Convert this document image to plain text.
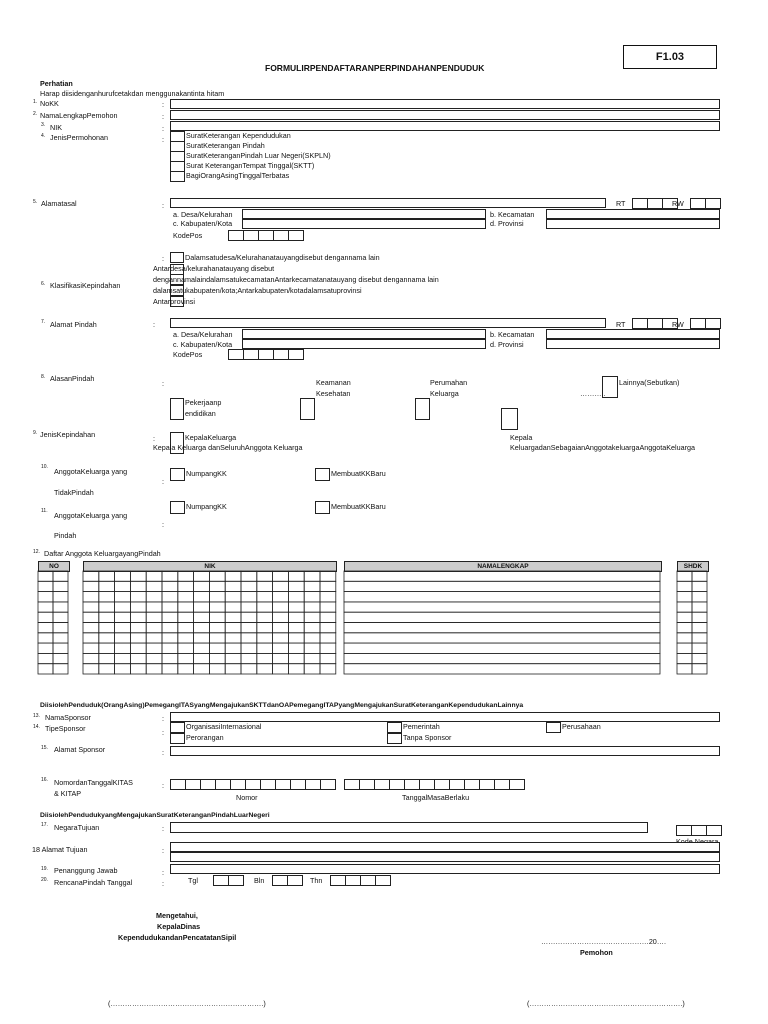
F1.03
FORMULIRPENDAFTARANPERPINDAHANPENDUDUK
Perhatian
Harap diisidenganhurufcetakdan menggunakantinta hitam
1. NoKK	:
2. NamaLengkapPemohon	:
3. NIK	:
4. JenisPermohonan	:	SuratKeterangan Kependudukan
SuratKeterangan Pindah
SuratKeteranganPindah Luar Negeri(SKPLN)
Surat KeteranganTempat Tinggal(SKTT)
BagiOrangAsingTinggalTerbatas
5. Alamatasal	:	RT	RW
a. Desa/Kelurahan	b. Kecamatan
c. Kabupaten/Kota	d. Provinsi
KodePos
6. KlasifikasiKepindahan
:	Dalamsatudesa/Kelurahanatauyangdisebut dengannama lain
Antardesa/kelurahanatauyang disebut
dengannamalaindalamsatukecamatanAntarkecamatanatauyang disebut dengannama lain
dalamsatukabupaten/kota;Antarkabupaten/kotadalamsatuprovinsi
Antarprovinsi
7. Alamat Pindah	:	RT	RW
a. Desa/Kelurahan	b. Kecamatan
c. Kabupaten/Kota	d. Provinsi
KodePos
8. AlasanPindah
:
Pekerjaanp
endidikan
Keamanan
Kesehatan
Perumahan
Keluarga
Lainnya(Sebutkan)
………..
9. JenisKepindahan	:	KepalaKeluarga
Kepala Keluarga danSeluruhAnggota Keluarga
Kepala
KeluargadanSebagaianAnggotakeluargaAnggotaKeluarga
10. AnggotaKeluarga yang
TidakPindah
:
NumpangKK	MembuatKKBaru
11. AnggotaKeluarga yang
Pindah
:
NumpangKK	MembuatKKBaru
12. Daftar Anggota KeluargayangPindah
NO	NIK	NAMALENGKAP	SHDK
DiisiolehPenduduk(OrangAsing)PemegangITASyangMengajukanSKTTdanOAPemegangITAPyangMengajukanSuratKeteranganKependudukanLainnya
13. NamaSponsor	:
14. TipeSponsor	:
OrganisasiInternasional
Perorangan
Pemerintah
Tanpa Sponsor
Perusahaan
15. Alamat Sponsor	:
16. NomordanTanggalKITAS
& KITAP
:
Nomor	TanggalMasaBerlaku
DiisiolehPendudukyangMengajukanSuratKeteranganPindahLuarNegeri
17. NegaraTujuan	:
18 Alamat Tujuan	:
19. Penanggung Jawab	:
20. RencanaPindah Tanggal	:	Tgl	Bln	Thn
Mengetahui,
KepalaDinas
KependudukandanPencatatanSipil	………………………………………20….
Pemohon
(……………………………………………………….)	(……………………………………………………….)
